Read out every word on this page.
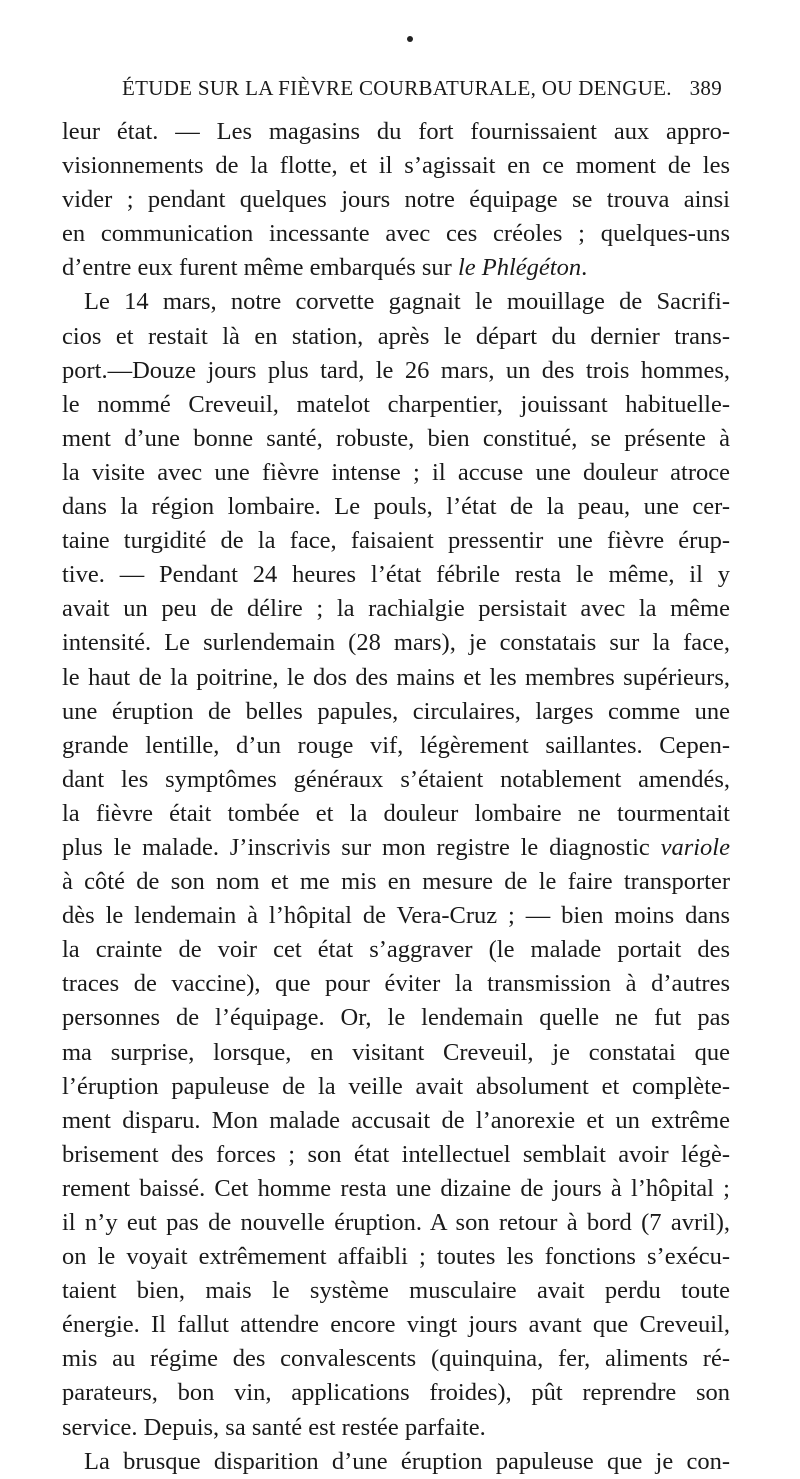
ÉTUDE SUR LA FIÈVRE COURBATURALE, OU DENGUE. 389
leur état. — Les magasins du fort fournissaient aux appro-
visionnements de la flotte, et il s’agissait en ce moment de les
vider ; pendant quelques jours notre équipage se trouva ainsi
en communication incessante avec ces créoles ; quelques-uns
d’entre eux furent même embarqués sur le Phlégéton.
Le 14 mars, notre corvette gagnait le mouillage de Sacrifi-
cios et restait là en station, après le départ du dernier trans-
port.—Douze jours plus tard, le 26 mars, un des trois hommes,
le nommé Creveuil, matelot charpentier, jouissant habituelle-
ment d’une bonne santé, robuste, bien constitué, se présente à
la visite avec une fièvre intense ; il accuse une douleur atroce
dans la région lombaire. Le pouls, l’état de la peau, une cer-
taine turgidité de la face, faisaient pressentir une fièvre érup-
tive. — Pendant 24 heures l’état fébrile resta le même, il y
avait un peu de délire ; la rachialgie persistait avec la même
intensité. Le surlendemain (28 mars), je constatais sur la face,
le haut de la poitrine, le dos des mains et les membres supérieurs,
une éruption de belles papules, circulaires, larges comme une
grande lentille, d’un rouge vif, légèrement saillantes. Cepen-
dant les symptômes généraux s’étaient notablement amendés,
la fièvre était tombée et la douleur lombaire ne tourmentait
plus le malade. J’inscrivis sur mon registre le diagnostic variole
à côté de son nom et me mis en mesure de le faire transporter
dès le lendemain à l’hôpital de Vera-Cruz ; — bien moins dans
la crainte de voir cet état s’aggraver (le malade portait des
traces de vaccine), que pour éviter la transmission à d’autres
personnes de l’équipage. Or, le lendemain quelle ne fut pas
ma surprise, lorsque, en visitant Creveuil, je constatai que
l’éruption papuleuse de la veille avait absolument et complète-
ment disparu. Mon malade accusait de l’anorexie et un extrême
brisement des forces ; son état intellectuel semblait avoir légè-
rement baissé. Cet homme resta une dizaine de jours à l’hôpital ;
il n’y eut pas de nouvelle éruption. A son retour à bord (7 avril),
on le voyait extrêmement affaibli ; toutes les fonctions s’exécu-
taient bien, mais le système musculaire avait perdu toute
énergie. Il fallut attendre encore vingt jours avant que Creveuil,
mis au régime des convalescents (quinquina, fer, aliments ré-
parateurs, bon vin, applications froides), pût reprendre son
service. Depuis, sa santé est restée parfaite.
La brusque disparition d’une éruption papuleuse que je con-
